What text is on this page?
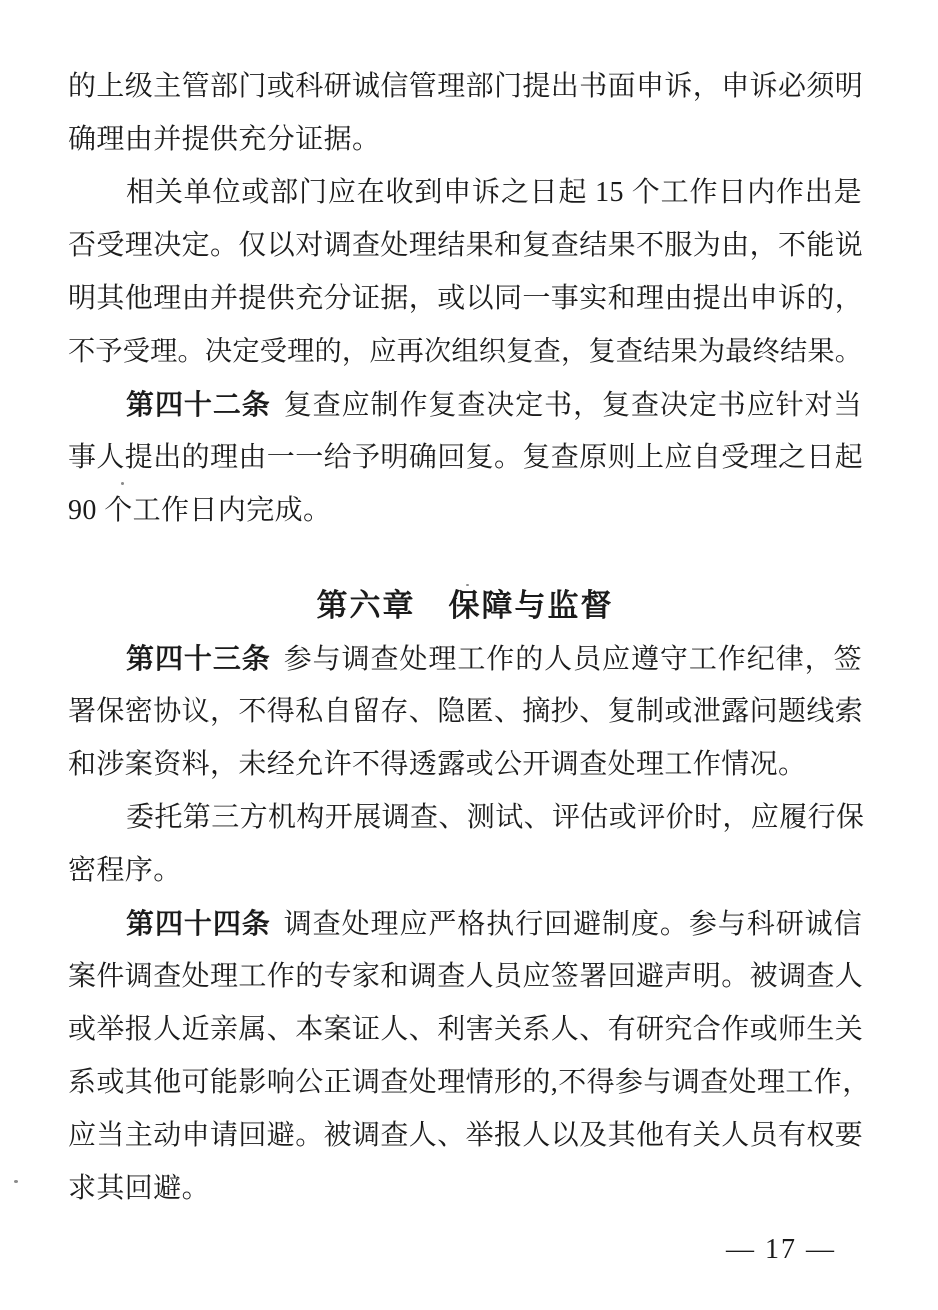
的上级主管部门或科研诚信管理部门提出书面申诉，申诉必须明
确理由并提供充分证据。
相关单位或部门应在收到申诉之日起 15 个工作日内作出是
否受理决定。仅以对调查处理结果和复查结果不服为由，不能说
明其他理由并提供充分证据，或以同一事实和理由提出申诉的，
不予受理。决定受理的，应再次组织复查，复查结果为最终结果。
第四十二条 复查应制作复查决定书，复查决定书应针对当
事人提出的理由一一给予明确回复。复查原则上应自受理之日起
90 个工作日内完成。
第六章　保障与监督
第四十三条 参与调查处理工作的人员应遵守工作纪律，签
署保密协议，不得私自留存、隐匿、摘抄、复制或泄露问题线索
和涉案资料，未经允许不得透露或公开调查处理工作情况。
委托第三方机构开展调查、测试、评估或评价时，应履行保
密程序。
第四十四条 调查处理应严格执行回避制度。参与科研诚信
案件调查处理工作的专家和调查人员应签署回避声明。被调查人
或举报人近亲属、本案证人、利害关系人、有研究合作或师生关
系或其他可能影响公正调查处理情形的,不得参与调查处理工作，
应当主动申请回避。被调查人、举报人以及其他有关人员有权要
求其回避。
— 17 —
